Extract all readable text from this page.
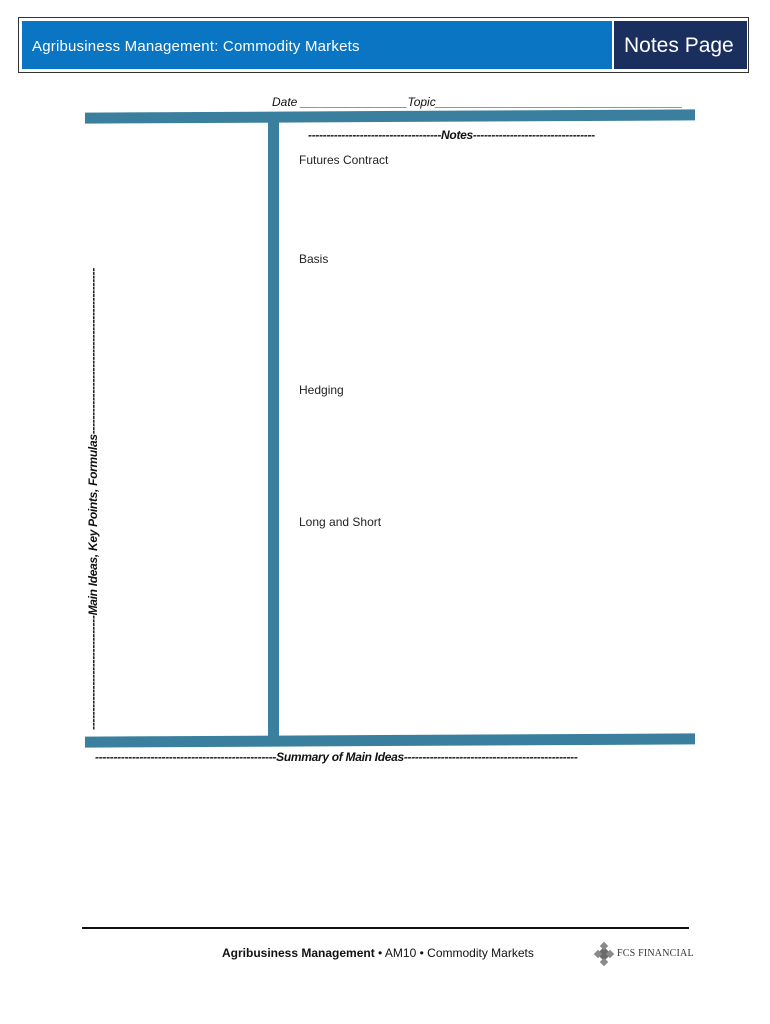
Agribusiness Management: Commodity Markets	Notes Page
Date ________________Topic_____________________________________
------------------------------------Notes---------------------------------
Futures Contract
Basis
Hedging
Long and Short
-------------------------------Main Ideas, Key Points, Formulas---------------------------------------------
-------------------------------------------------Summary of Main Ideas-----------------------------------------------
Agribusiness Management • AM10 • Commodity Markets	FCS FINANCIAL
